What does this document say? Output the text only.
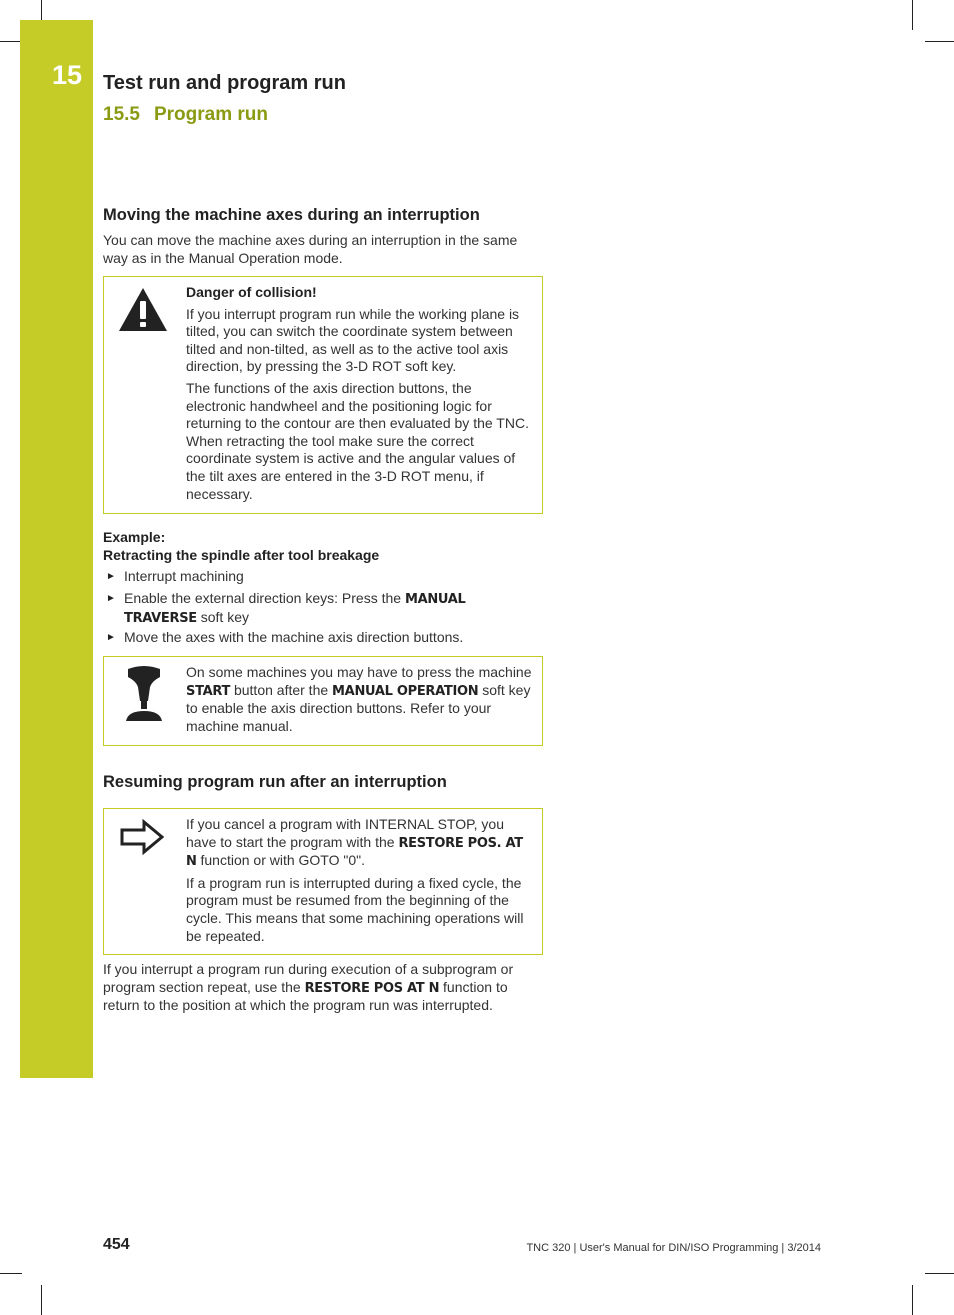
15 Test run and program run
15.5 Program run
Moving the machine axes during an interruption

You can move the machine axes during an interruption in the same way as in the Manual Operation mode.

Danger of collision!

If you interrupt program run while the working plane is tilted, you can switch the coordinate system between tilted and non-tilted, as well as to the active tool axis direction, by pressing the 3-D ROT soft key.

The functions of the axis direction buttons, the electronic handwheel and the positioning logic for returning to the contour are then evaluated by the TNC. When retracting the tool make sure the correct coordinate system is active and the angular values of the tilt axes are entered in the 3-D ROT menu, if necessary.

Example:
Retracting the spindle after tool breakage
► Interrupt machining
► Enable the external direction keys: Press the MANUAL TRAVERSE soft key
► Move the axes with the machine axis direction buttons.
On some machines you may have to press the machine START button after the MANUAL OPERATION soft key to enable the axis direction buttons. Refer to your machine manual.
Resuming program run after an interruption

If you cancel a program with INTERNAL STOP, you have to start the program with the RESTORE POS. AT N function or with GOTO "0".

If a program run is interrupted during a fixed cycle, the program must be resumed from the beginning of the cycle. This means that some machining operations will be repeated.

If you interrupt a program run during execution of a subprogram or program section repeat, use the RESTORE POS AT N function to return to the position at which the program run was interrupted.

454	TNC 320 | User's Manual for DIN/ISO Programming | 3/2014
